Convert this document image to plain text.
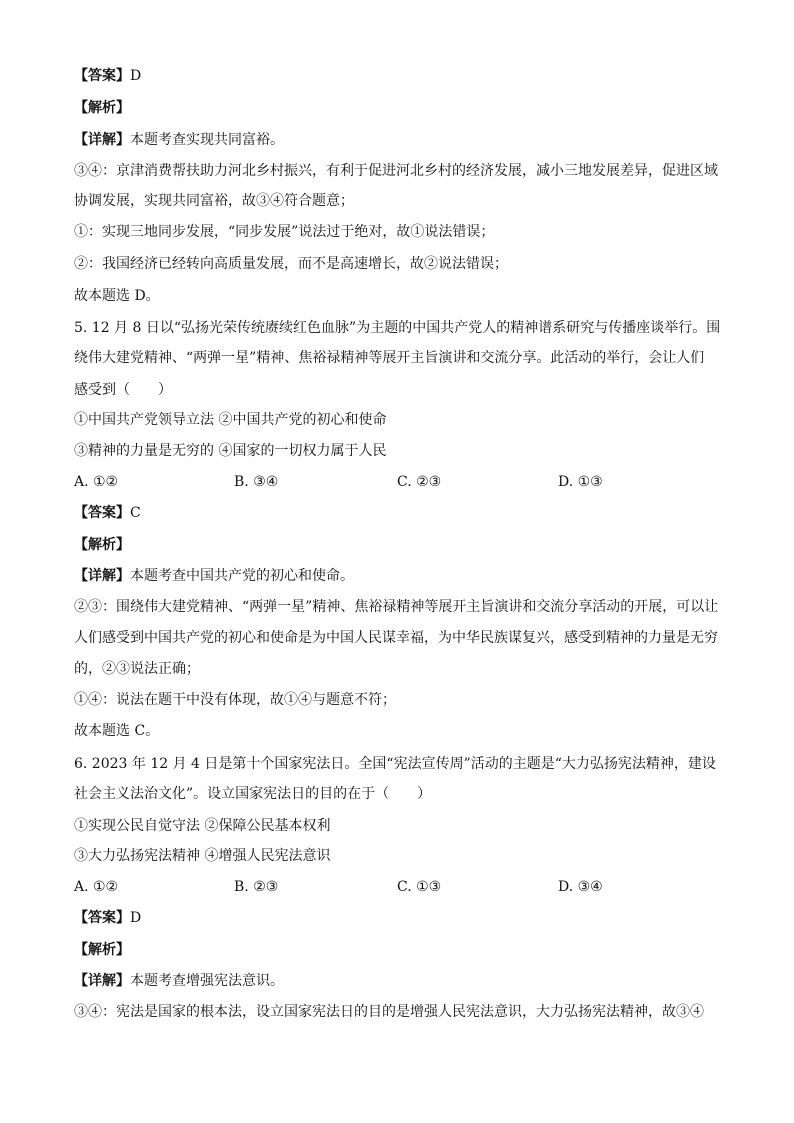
【答案】D
【解析】
【详解】本题考查实现共同富裕。
③④：京津消费帮扶助力河北乡村振兴，有利于促进河北乡村的经济发展，减小三地发展差异，促进区域
协调发展，实现共同富裕，故③④符合题意；
①：实现三地同步发展，“同步发展”说法过于绝对，故①说法错误；
②：我国经济已经转向高质量发展，而不是高速增长，故②说法错误；
故本题选 D。
5. 12 月 8 日以“弘扬光荣传统赓续红色血脉”为主题的中国共产党人的精神谱系研究与传播座谈举行。围
绕伟大建党精神、“两弹一星”精神、焦裕禄精神等展开主旨演讲和交流分享。此活动的举行，会让人们
感受到（　　）
①中国共产党领导立法 ②中国共产党的初心和使命
③精神的力量是无穷的 ④国家的一切权力属于人民
A. ①②	B. ③④	C. ②③	D. ①③
【答案】C
【解析】
【详解】本题考查中国共产党的初心和使命。
②③：围绕伟大建党精神、“两弹一星”精神、焦裕禄精神等展开主旨演讲和交流分享活动的开展，可以让
人们感受到中国共产党的初心和使命是为中国人民谋幸福，为中华民族谋复兴，感受到精神的力量是无穷
的，②③说法正确；
①④：说法在题干中没有体现，故①④与题意不符；
故本题选 C。
6. 2023 年 12 月 4 日是第十个国家宪法日。全国“宪法宣传周”活动的主题是“大力弘扬宪法精神，建设
社会主义法治文化”。设立国家宪法日的目的在于（　　）
①实现公民自觉守法 ②保障公民基本权利
③大力弘扬宪法精神 ④增强人民宪法意识
A. ①②	B. ②③	C. ①③	D. ③④
【答案】D
【解析】
【详解】本题考查增强宪法意识。
③④：宪法是国家的根本法，设立国家宪法日的目的是增强人民宪法意识，大力弘扬宪法精神，故③④
